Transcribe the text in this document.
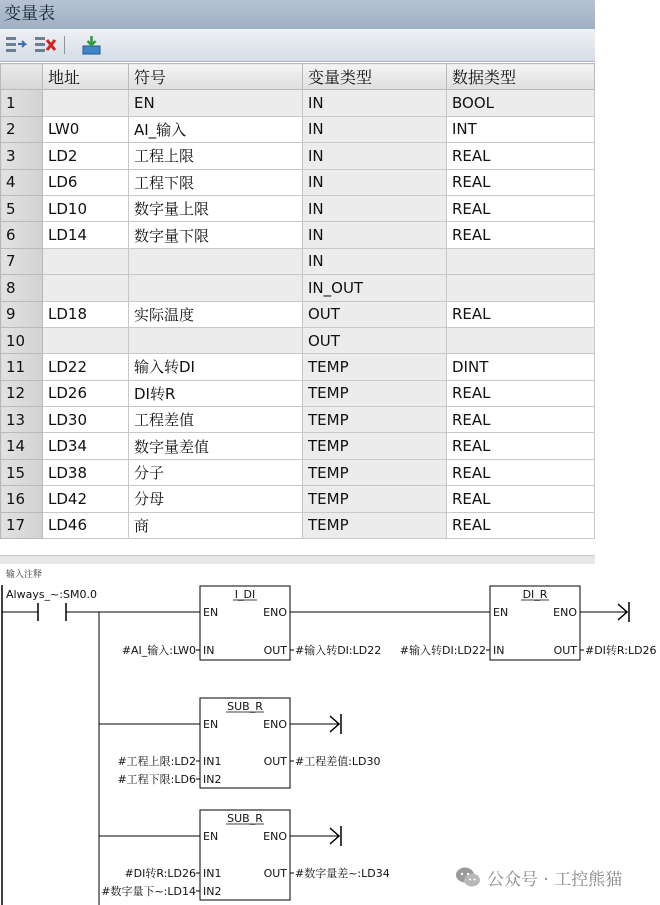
变量表
	地址	符号	变量类型	数据类型
1		EN	IN	BOOL
2	LW0	AI_输入	IN	INT
3	LD2	工程上限	IN	REAL
4	LD6	工程下限	IN	REAL
5	LD10	数字量上限	IN	REAL
6	LD14	数字量下限	IN	REAL
7			IN	
8			IN_OUT	
9	LD18	实际温度	OUT	REAL
10			OUT	
11	LD22	输入转DI	TEMP	DINT
12	LD26	DI转R	TEMP	REAL
13	LD30	工程差值	TEMP	REAL
14	LD34	数字量差值	TEMP	REAL
15	LD38	分子	TEMP	REAL
16	LD42	分母	TEMP	REAL
17	LD46	商	TEMP	REAL
输入注释
Always_~:SM0.0	I_DI
EN	ENO
IN	OUT
#AI_输入:LW0	#输入转DI:LD22
DI_R
EN	ENO
IN	OUT
#输入转DI:LD22	#DI转R:LD26
SUB_R
EN	ENO
IN1
IN2
OUT
#工程上限:LD2
#工程下限:LD6
#工程差值:LD30
SUB_R
EN	ENO
IN1
IN2
OUT
#DI转R:LD26
#数字量下~:LD14
#数字量差~:LD34	公众号 · 工控熊猫
